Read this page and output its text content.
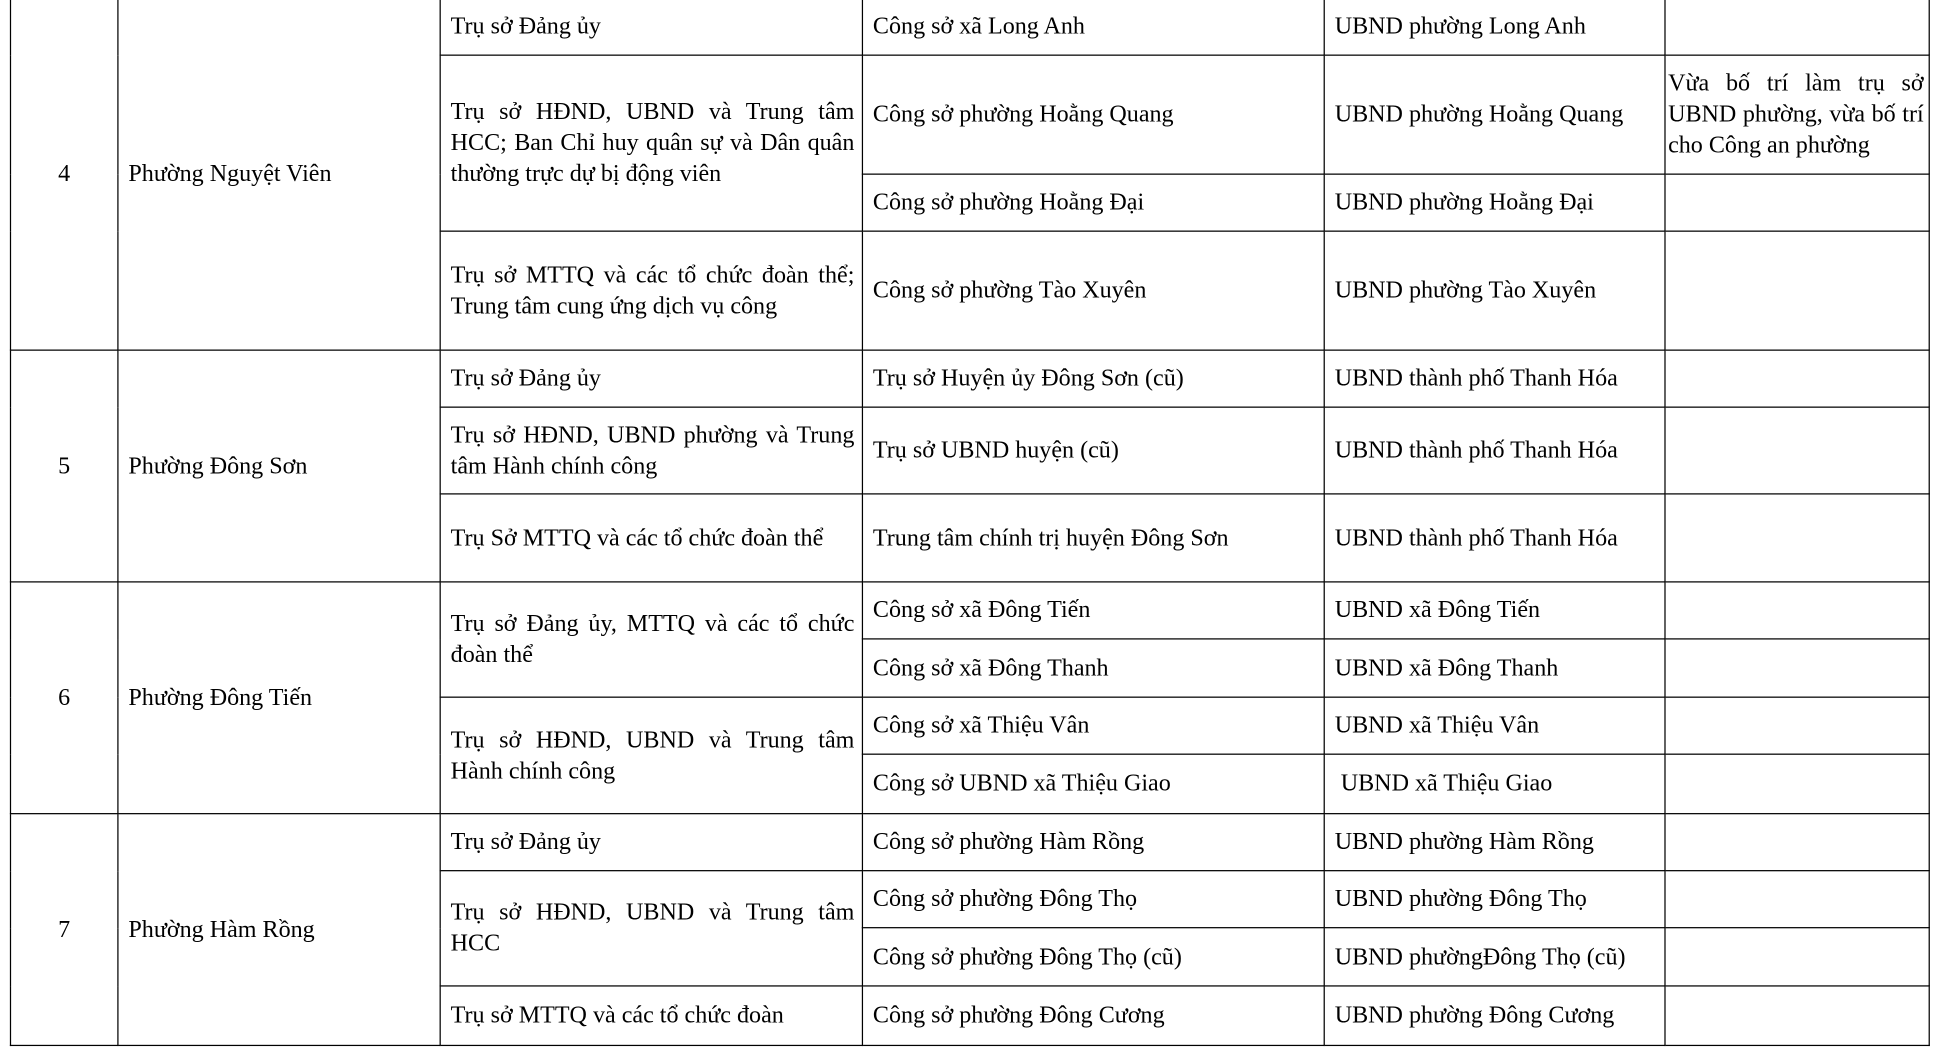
4	Phường Nguyệt Viên	Trụ sở Đảng ủy	Công sở xã Long Anh	UBND phường Long Anh	
		Trụ sở HĐND, UBND và Trung tâm HCC; Ban Chỉ huy quân sự và Dân quân thường trực dự bị động viên	Công sở phường Hoằng Quang	UBND phường Hoằng Quang	Vừa bố trí làm trụ sở UBND phường, vừa bố trí cho Công an phường
			Công sở phường Hoằng Đại	UBND phường Hoằng Đại	
		Trụ sở MTTQ và các tổ chức đoàn thể; Trung tâm cung ứng dịch vụ công	Công sở phường Tào Xuyên	UBND phường Tào Xuyên	
5	Phường Đông Sơn	Trụ sở Đảng ủy	Trụ sở Huyện ủy Đông Sơn (cũ)	UBND thành phố Thanh Hóa	
		Trụ sở HĐND, UBND phường và Trung tâm Hành chính công	Trụ sở UBND huyện (cũ)	UBND thành phố Thanh Hóa	
		Trụ Sở MTTQ và các tổ chức đoàn thể	Trung tâm chính trị huyện Đông Sơn	UBND thành phố Thanh Hóa	
6	Phường Đông Tiến	Trụ sở Đảng ủy, MTTQ và các tổ chức đoàn thể	Công sở xã Đông Tiến	UBND xã Đông Tiến	
			Công sở xã Đông Thanh	UBND xã Đông Thanh	
		Trụ sở HĐND, UBND và Trung tâm Hành chính công	Công sở xã Thiệu Vân	UBND xã Thiệu Vân	
			Công sở UBND xã Thiệu Giao	UBND xã Thiệu Giao	
7	Phường Hàm Rồng	Trụ sở Đảng ủy	Công sở phường Hàm Rồng	UBND phường Hàm Rồng	
		Trụ sở HĐND, UBND và Trung tâm HCC	Công sở phường Đông Thọ	UBND phường Đông Thọ	
			Công sở phường Đông Thọ (cũ)	UBND phườngĐông Thọ (cũ)	
		Trụ sở MTTQ và các tổ chức đoàn	Công sở phường Đông Cương	UBND phường Đông Cương	
